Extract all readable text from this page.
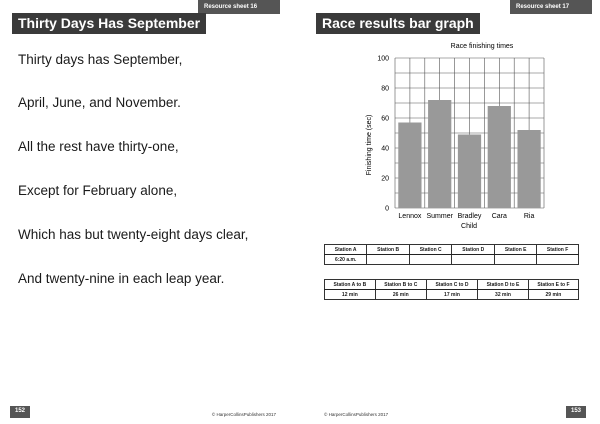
Resource sheet 16
Thirty Days Has September
Thirty days has September,
April, June, and November.
All the rest have thirty-one,
Except for February alone,
Which has but twenty-eight days clear,
And twenty-nine in each leap year.
152
© HarperCollinsPublishers 2017
Resource sheet 17
Race results bar graph
Race finishing times
Child
Finishing time (sec)
0
20
40
60
80
100
Lennox Summer Bradley Cara Ria
Station A	Station B	Station C	Station D	Station E	Station F
6:20 a.m.					
Station A to B	Station B to C	Station C to D	Station D to E	Station E to F
12 min	26 min	17 min	32 min	29 min
153
© HarperCollinsPublishers 2017
